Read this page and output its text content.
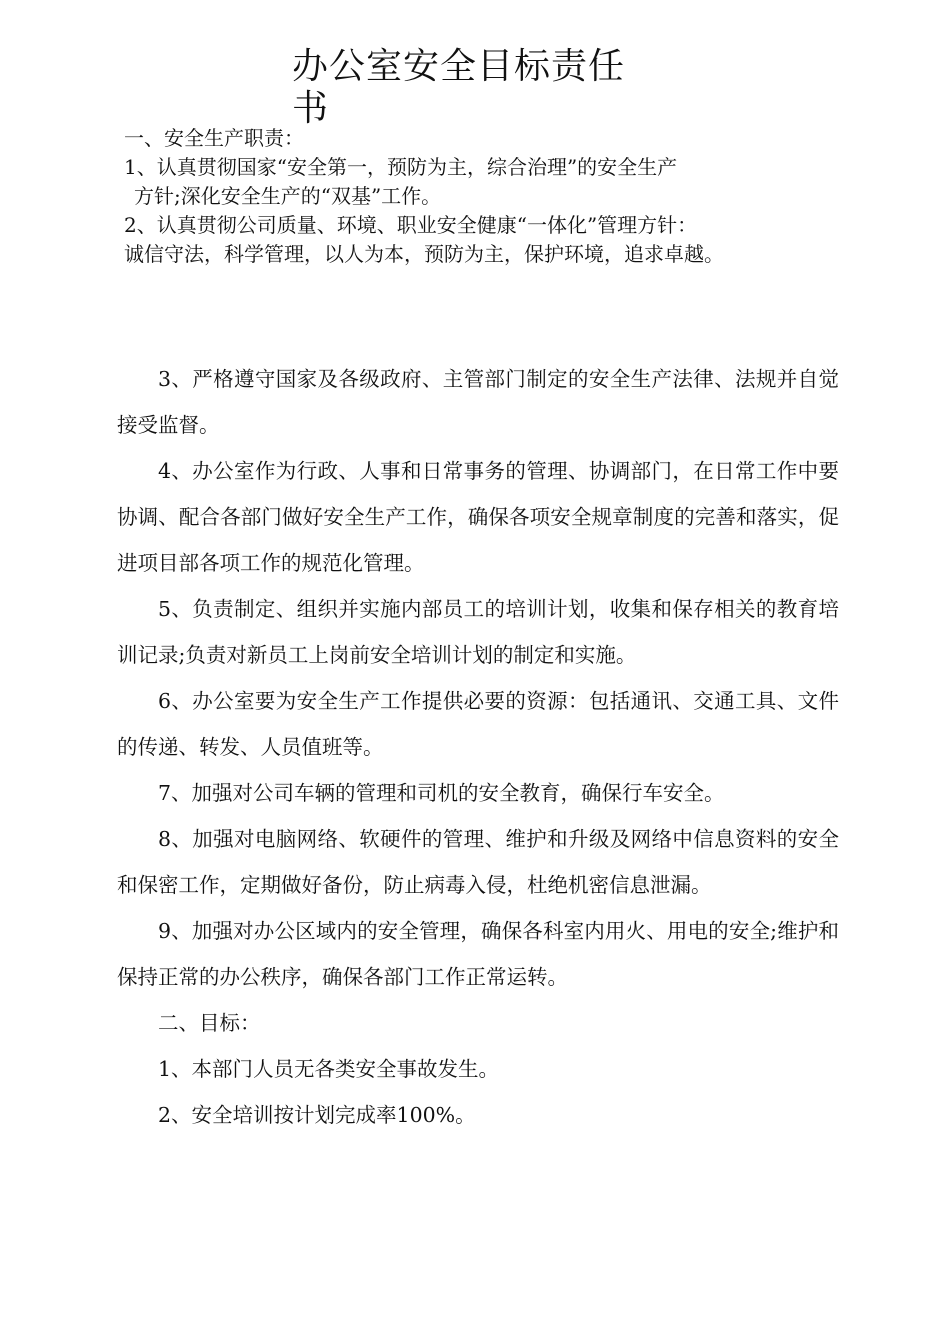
办公室安全目标责任书
一、安全生产职责：
1、认真贯彻国家“安全第一，预防为主，综合治理”的安全生产
方针;深化安全生产的“双基”工作。
2、认真贯彻公司质量、环境、职业安全健康“一体化”管理方针：
诚信守法，科学管理，以人为本，预防为主，保护环境，追求卓越。

3、严格遵守国家及各级政府、主管部门制定的安全生产法律、法规并自觉接受监督。

4、办公室作为行政、人事和日常事务的管理、协调部门，在日常工作中要协调、配合各部门做好安全生产工作，确保各项安全规章制度的完善和落实，促进项目部各项工作的规范化管理。

5、负责制定、组织并实施内部员工的培训计划，收集和保存相关的教育培训记录;负责对新员工上岗前安全培训计划的制定和实施。

6、办公室要为安全生产工作提供必要的资源：包括通讯、交通工具、文件的传递、转发、人员值班等。

7、加强对公司车辆的管理和司机的安全教育，确保行车安全。

8、加强对电脑网络、软硬件的管理、维护和升级及网络中信息资料的安全和保密工作，定期做好备份，防止病毒入侵，杜绝机密信息泄漏。

9、加强对办公区域内的安全管理，确保各科室内用火、用电的安全;维护和保持正常的办公秩序，确保各部门工作正常运转。

二、目标：

1、本部门人员无各类安全事故发生。

2、安全培训按计划完成率100%。
